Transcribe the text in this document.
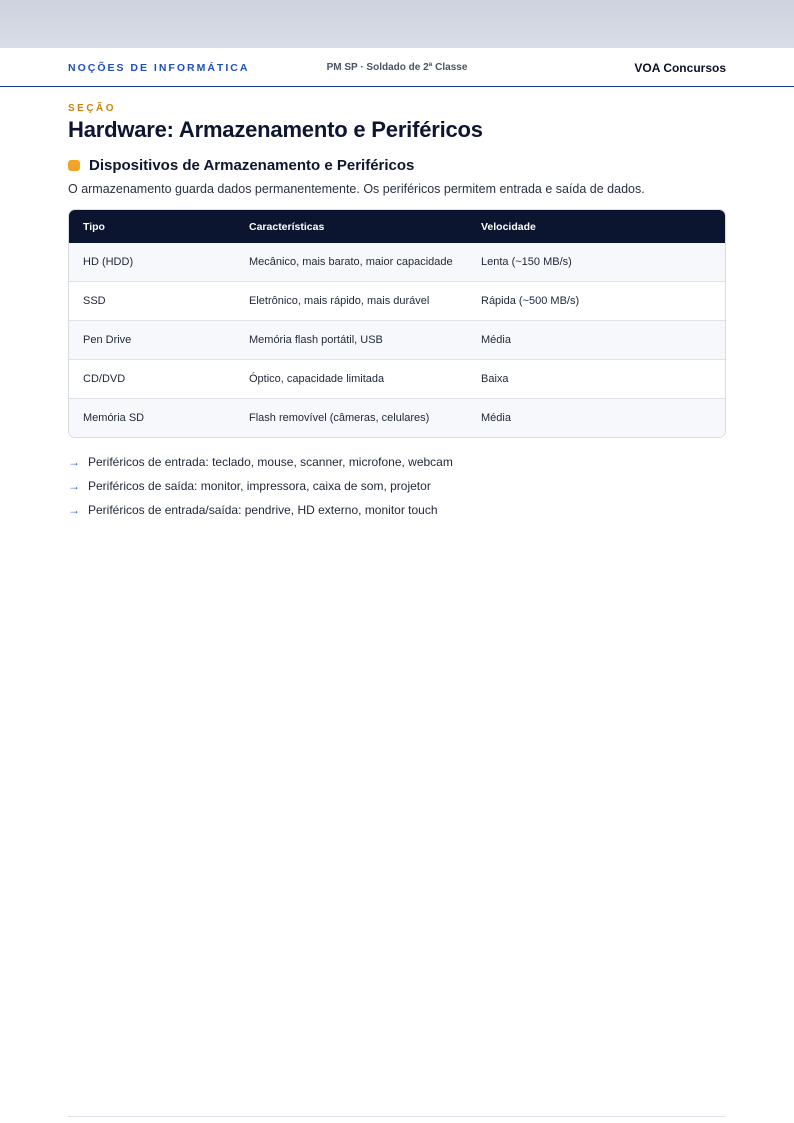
NOÇÕES DE INFORMÁTICA	PM SP · Soldado de 2ª Classe	VOA Concursos
SEÇÃO
Hardware: Armazenamento e Periféricos
Dispositivos de Armazenamento e Periféricos
O armazenamento guarda dados permanentemente. Os periféricos permitem entrada e saída de dados.
Tipo	Características	Velocidade
HD (HDD)	Mecânico, mais barato, maior capacidade	Lenta (~150 MB/s)
SSD	Eletrônico, mais rápido, mais durável	Rápida (~500 MB/s)
Pen Drive	Memória flash portátil, USB	Média
CD/DVD	Óptico, capacidade limitada	Baixa
Memória SD	Flash removível (câmeras, celulares)	Média
→ Periféricos de entrada: teclado, mouse, scanner, microfone, webcam
→ Periféricos de saída: monitor, impressora, caixa de som, projetor
→ Periféricos de entrada/saída: pendrive, HD externo, monitor touch
